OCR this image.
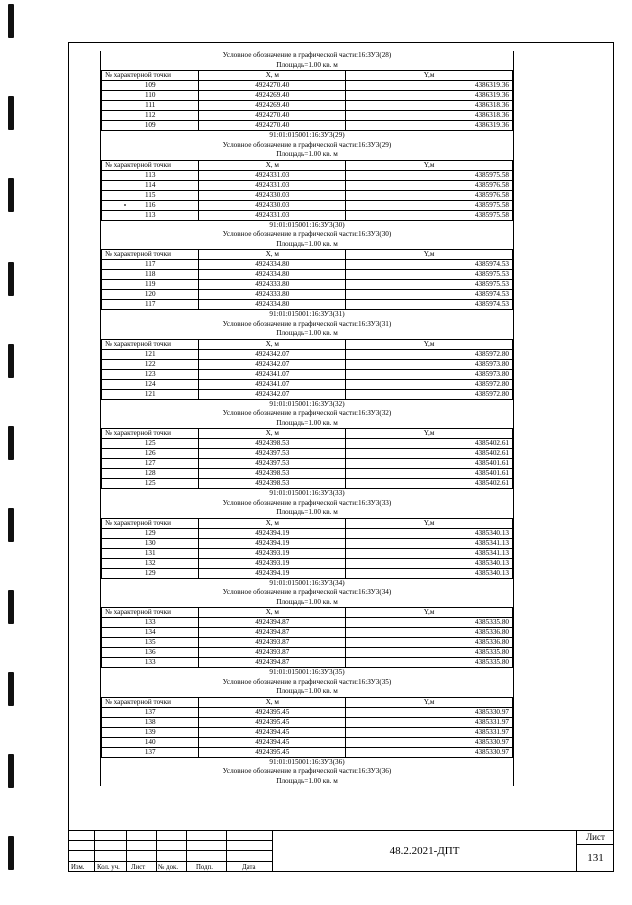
Условное обозначение в графической части:16:ЗУ3(28)
Площадь=1.00 кв. м
№ характерной точки	X, м	Y,м
109	4924270.40	4386319.36
110	4924269.40	4386319.36
111	4924269.40	4386318.36
112	4924270.40	4386318.36
109	4924270.40	4386319.36
91:01:015001:16:ЗУ3(29)
Условное обозначение в графической части:16:ЗУ3(29)
Площадь=1.00 кв. м
№ характерной точки	X, м	Y,м
113	4924331.03	4385975.58
114	4924331.03	4385976.58
115	4924330.03	4385976.58
116	4924330.03	4385975.58
113	4924331.03	4385975.58
91:01:015001:16:ЗУ3(30)
Условное обозначение в графической части:16:ЗУ3(30)
Площадь=1.00 кв. м
№ характерной точки	X, м	Y,м
117	4924334.80	4385974.53
118	4924334.80	4385975.53
119	4924333.80	4385975.53
120	4924333.80	4385974.53
117	4924334.80	4385974.53
91:01:015001:16:ЗУ3(31)
Условное обозначение в графической части:16:ЗУ3(31)
Площадь=1.00 кв. м
№ характерной точки	X, м	Y,м
121	4924342.07	4385972.80
122	4924342.07	4385973.80
123	4924341.07	4385973.80
124	4924341.07	4385972.80
121	4924342.07	4385972.80
91:01:015001:16:ЗУ3(32)
Условное обозначение в графической части:16:ЗУ3(32)
Площадь=1.00 кв. м
№ характерной точки	X, м	Y,м
125	4924398.53	4385402.61
126	4924397.53	4385402.61
127	4924397.53	4385401.61
128	4924398.53	4385401.61
125	4924398.53	4385402.61
91:01:015001:16:ЗУ3(33)
Условное обозначение в графической части:16:ЗУ3(33)
Площадь=1.00 кв. м
№ характерной точки	X, м	Y,м
129	4924394.19	4385340.13
130	4924394.19	4385341.13
131	4924393.19	4385341.13
132	4924393.19	4385340.13
129	4924394.19	4385340.13
91:01:015001:16:ЗУ3(34)
Условное обозначение в графической части:16:ЗУ3(34)
Площадь=1.00 кв. м
№ характерной точки	X, м	Y,м
133	4924394.87	4385335.80
134	4924394.87	4385336.80
135	4924393.87	4385336.80
136	4924393.87	4385335.80
133	4924394.87	4385335.80
91:01:015001:16:ЗУ3(35)
Условное обозначение в графической части:16:ЗУ3(35)
Площадь=1.00 кв. м
№ характерной точки	X, м	Y,м
137	4924395.45	4385330.97
138	4924395.45	4385331.97
139	4924394.45	4385331.97
140	4924394.45	4385330.97
137	4924395.45	4385330.97
91:01:015001:16:ЗУ3(36)
Условное обозначение в графической части:16:ЗУ3(36)
Площадь=1.00 кв. м
Изм. Кол. уч. Лист № док.	Подп.	Дата
48.2.2021-ДПТ
Лист
131
